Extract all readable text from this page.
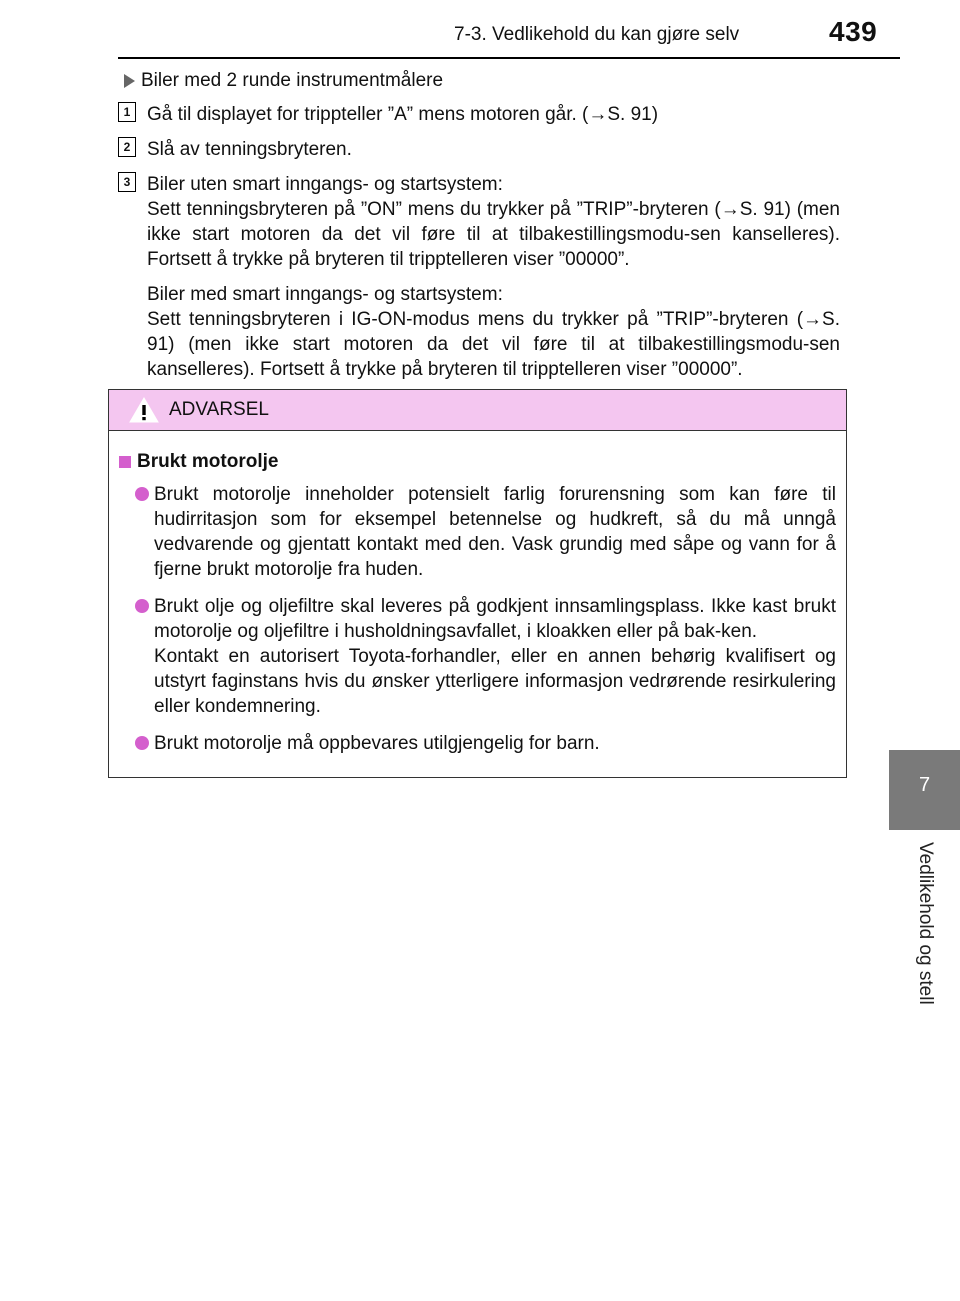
7-3. Vedlikehold du kan gjøre selv	439
7
Vedlikehold og stell
Biler med 2 runde instrumentmålere
1 Gå til displayet for trippteller ”A” mens motoren går. (→S. 91)

2 Slå av tenningsbryteren.

3 Biler uten smart inngangs- og startsystem:

Sett tenningsbryteren på ”ON” mens du trykker på ”TRIP”-bryteren (→S. 91) (men ikke start motoren da det vil føre til at tilbakestillingsmodu-sen kanselleres). Fortsett å trykke på bryteren til tripptelleren viser ”00000”.

Biler med smart inngangs- og startsystem:

Sett tenningsbryteren i IG-ON-modus mens du trykker på ”TRIP”-bryteren (→S. 91) (men ikke start motoren da det vil føre til at tilbakestillingsmodu-sen kanselleres). Fortsett å trykke på bryteren til tripptelleren viser ”00000”.

ADVARSEL
Brukt motorolje

Brukt motorolje inneholder potensielt farlig forurensning som kan føre til hudirritasjon som for eksempel betennelse og hudkreft, så du må unngå vedvarende og gjentatt kontakt med den. Vask grundig med såpe og vann for å fjerne brukt motorolje fra huden.

Brukt olje og oljefiltre skal leveres på godkjent innsamlingsplass. Ikke kast brukt motorolje og oljefiltre i husholdningsavfallet, i kloakken eller på bak-ken.

Kontakt en autorisert Toyota-forhandler, eller en annen behørig kvalifisert og utstyrt faginstans hvis du ønsker ytterligere informasjon vedrørende resirkulering eller kondemnering.

Brukt motorolje må oppbevares utilgjengelig for barn.
